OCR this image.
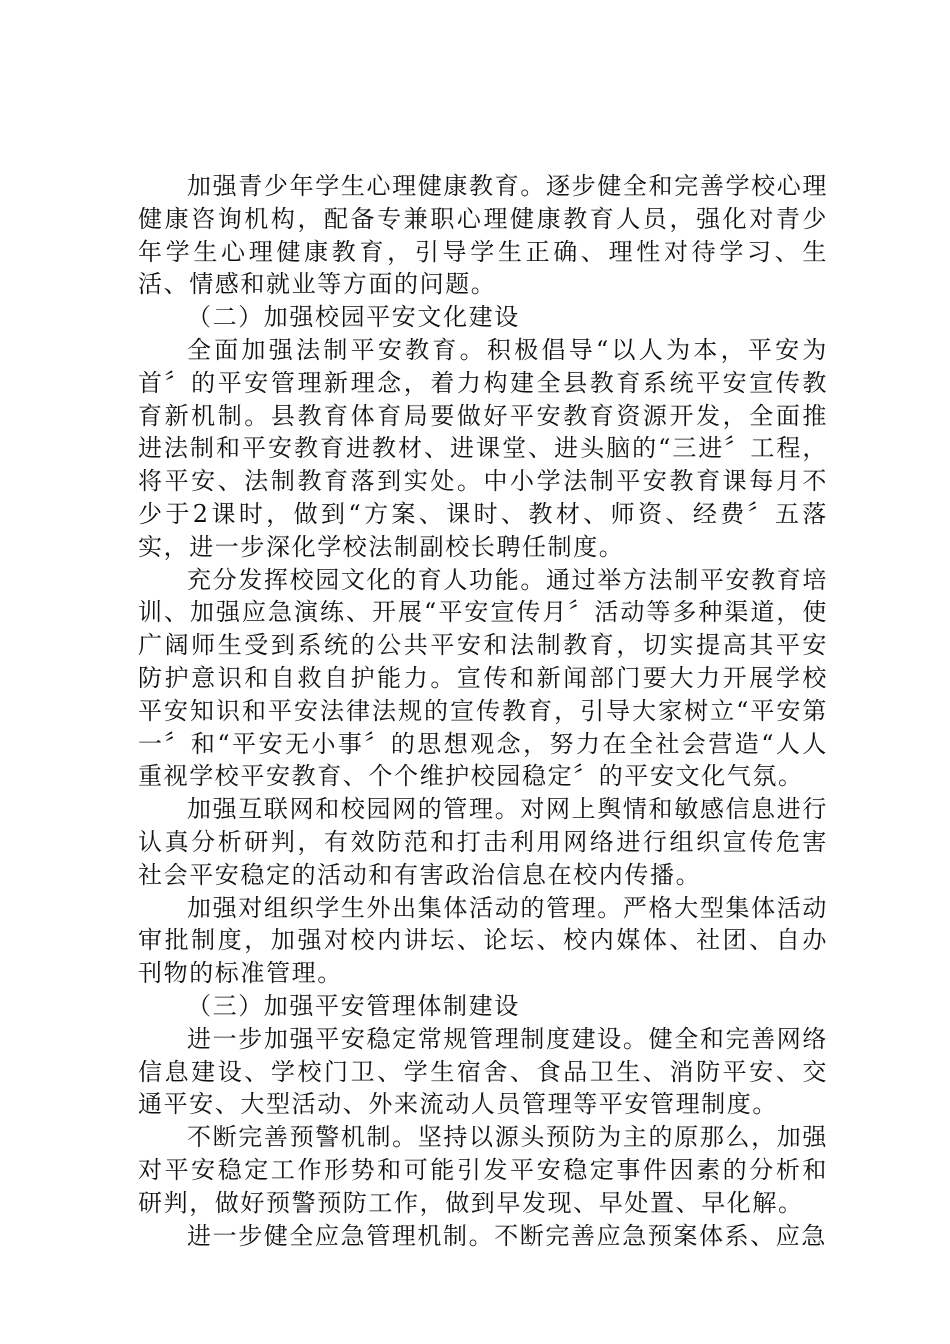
加强青少年学生心理健康教育。逐步健全和完善学校心理健康咨询机构，配备专兼职心理健康教育人员，强化对青少年学生心理健康教育，引导学生正确、理性对待学习、生活、情感和就业等方面的问题。

（二）加强校园平安文化建设

全面加强法制平安教育。积极倡导“以人为本，平安为首〞的平安管理新理念，着力构建全县教育系统平安宣传教育新机制。县教育体育局要做好平安教育资源开发，全面推进法制和平安教育进教材、进课堂、进头脑的“三进〞工程，将平安、法制教育落到实处。中小学法制平安教育课每月不少于2课时，做到“方案、课时、教材、师资、经费〞五落实，进一步深化学校法制副校长聘任制度。

充分发挥校园文化的育人功能。通过举方法制平安教育培训、加强应急演练、开展“平安宣传月〞活动等多种渠道，使广阔师生受到系统的公共平安和法制教育，切实提高其平安防护意识和自救自护能力。宣传和新闻部门要大力开展学校平安知识和平安法律法规的宣传教育，引导大家树立“平安第一〞和“平安无小事〞的思想观念，努力在全社会营造“人人重视学校平安教育、个个维护校园稳定〞的平安文化气氛。

加强互联网和校园网的管理。对网上舆情和敏感信息进行认真分析研判，有效防范和打击利用网络进行组织宣传危害社会平安稳定的活动和有害政治信息在校内传播。

加强对组织学生外出集体活动的管理。严格大型集体活动审批制度，加强对校内讲坛、论坛、校内媒体、社团、自办刊物的标准管理。

（三）加强平安管理体制建设

进一步加强平安稳定常规管理制度建设。健全和完善网络信息建设、学校门卫、学生宿舍、食品卫生、消防平安、交通平安、大型活动、外来流动人员管理等平安管理制度。

不断完善预警机制。坚持以源头预防为主的原那么，加强对平安稳定工作形势和可能引发平安稳定事件因素的分析和研判，做好预警预防工作，做到早发现、早处置、早化解。

进一步健全应急管理机制。不断完善应急预案体系、应急
